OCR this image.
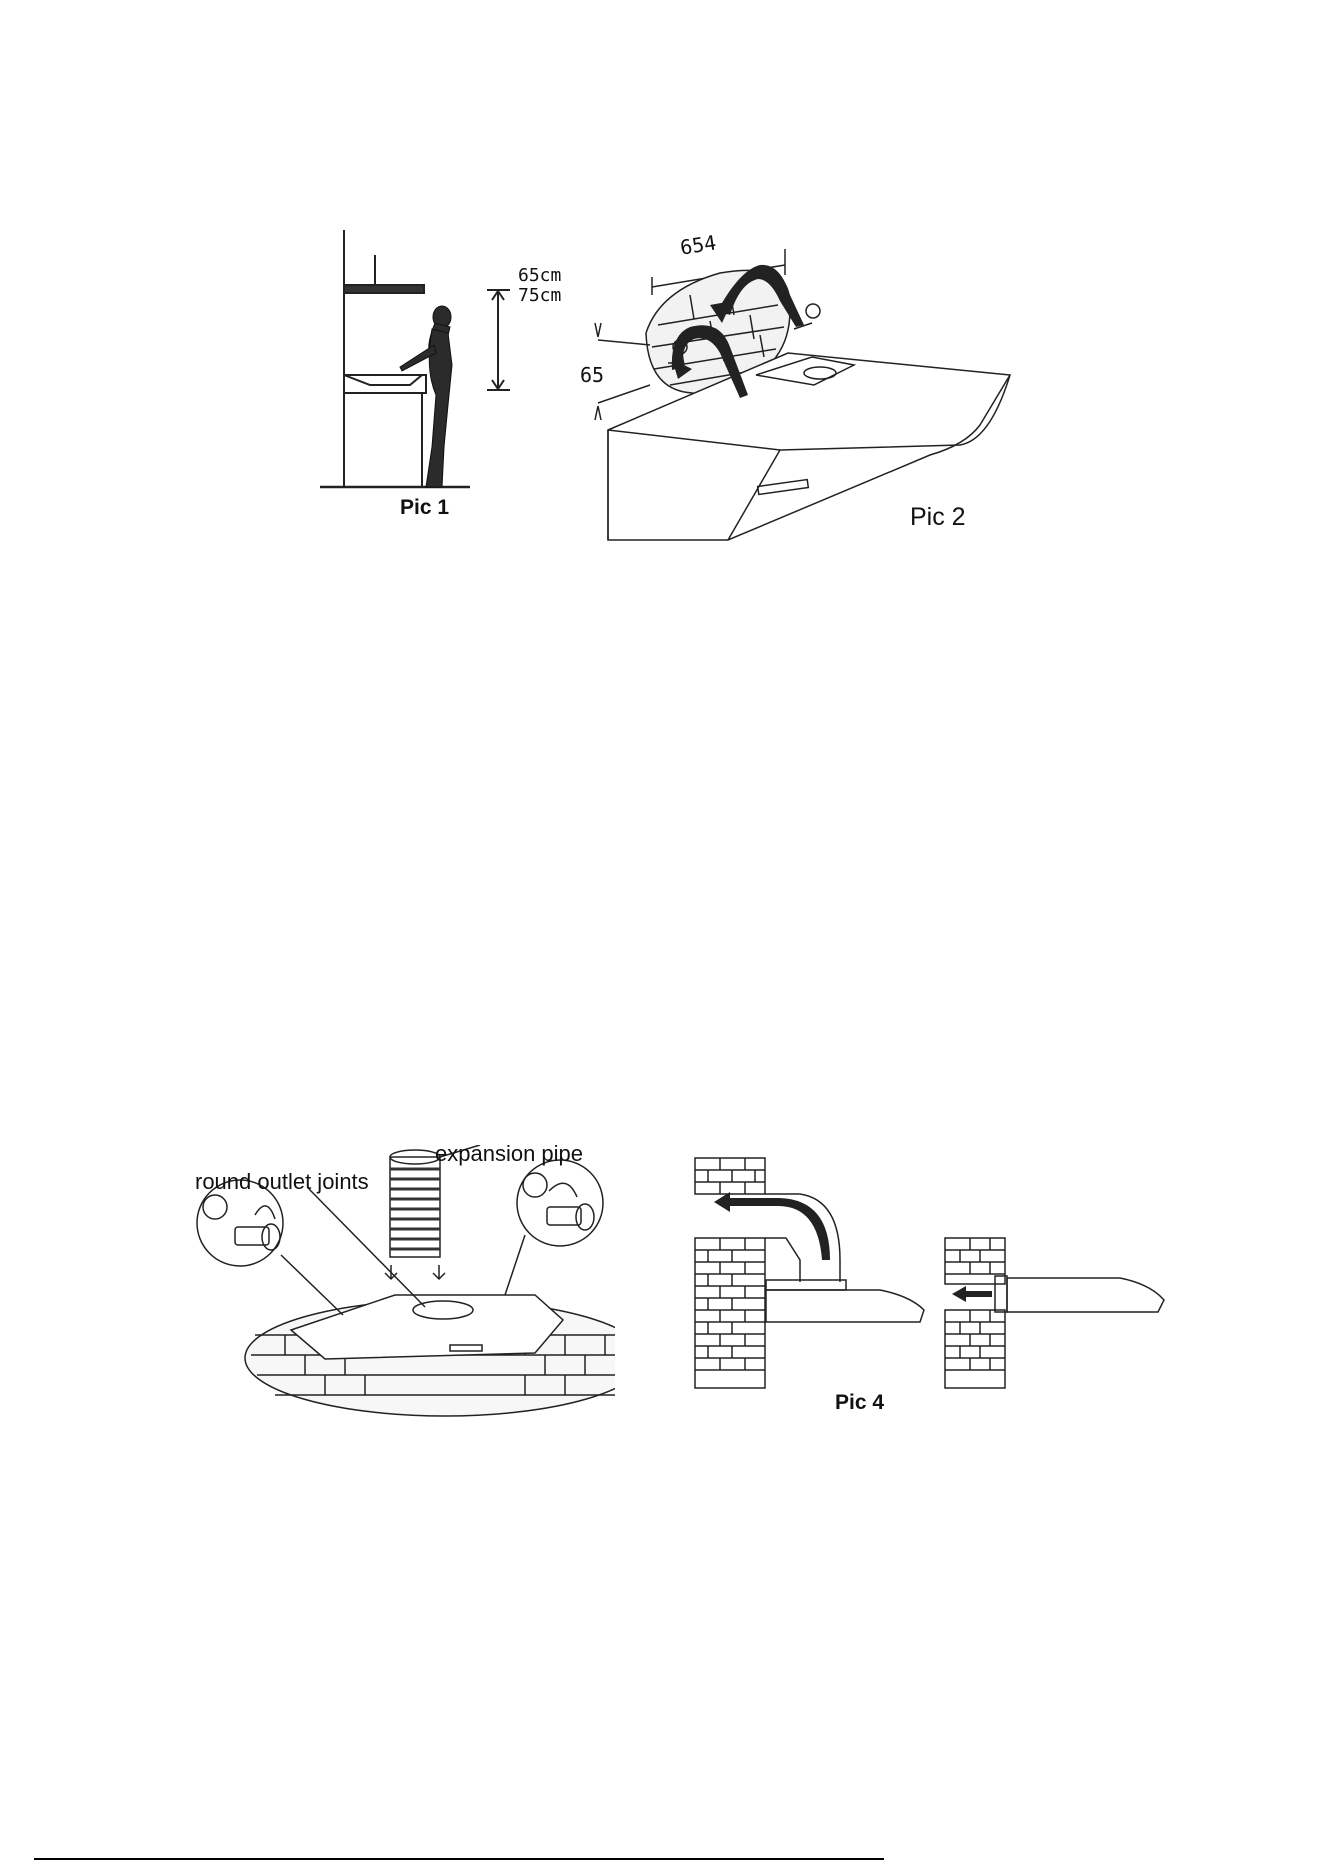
65cm
75cm
Pic 1
654
65
Pic 2
expansion pipe
round outlet joints
Pic 4
